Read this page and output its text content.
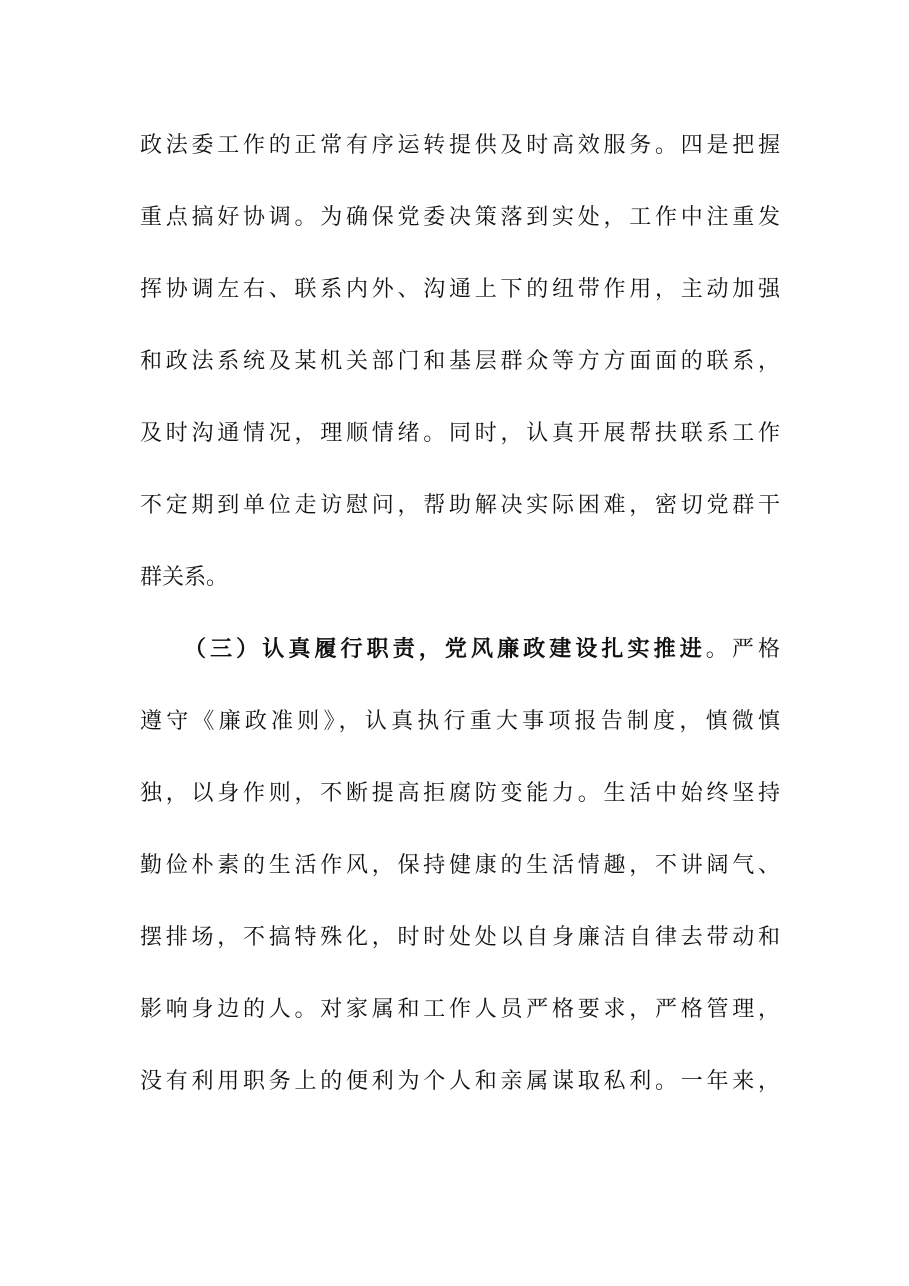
政法委工作的正常有序运转提供及时高效服务。四是把握
重点搞好协调。为确保党委决策落到实处，工作中注重发
挥协调左右、联系内外、沟通上下的纽带作用，主动加强
和政法系统及某机关部门和基层群众等方方面面的联系，
及时沟通情况，理顺情绪。同时，认真开展帮扶联系工作
不定期到单位走访慰问，帮助解决实际困难，密切党群干
群关系。
（三）认真履行职责，党风廉政建设扎实推进。严格
遵守《廉政准则》，认真执行重大事项报告制度，慎微慎
独，以身作则，不断提高拒腐防变能力。生活中始终坚持
勤俭朴素的生活作风，保持健康的生活情趣，不讲阔气、
摆排场，不搞特殊化，时时处处以自身廉洁自律去带动和
影响身边的人。对家属和工作人员严格要求，严格管理，
没有利用职务上的便利为个人和亲属谋取私利。一年来，
